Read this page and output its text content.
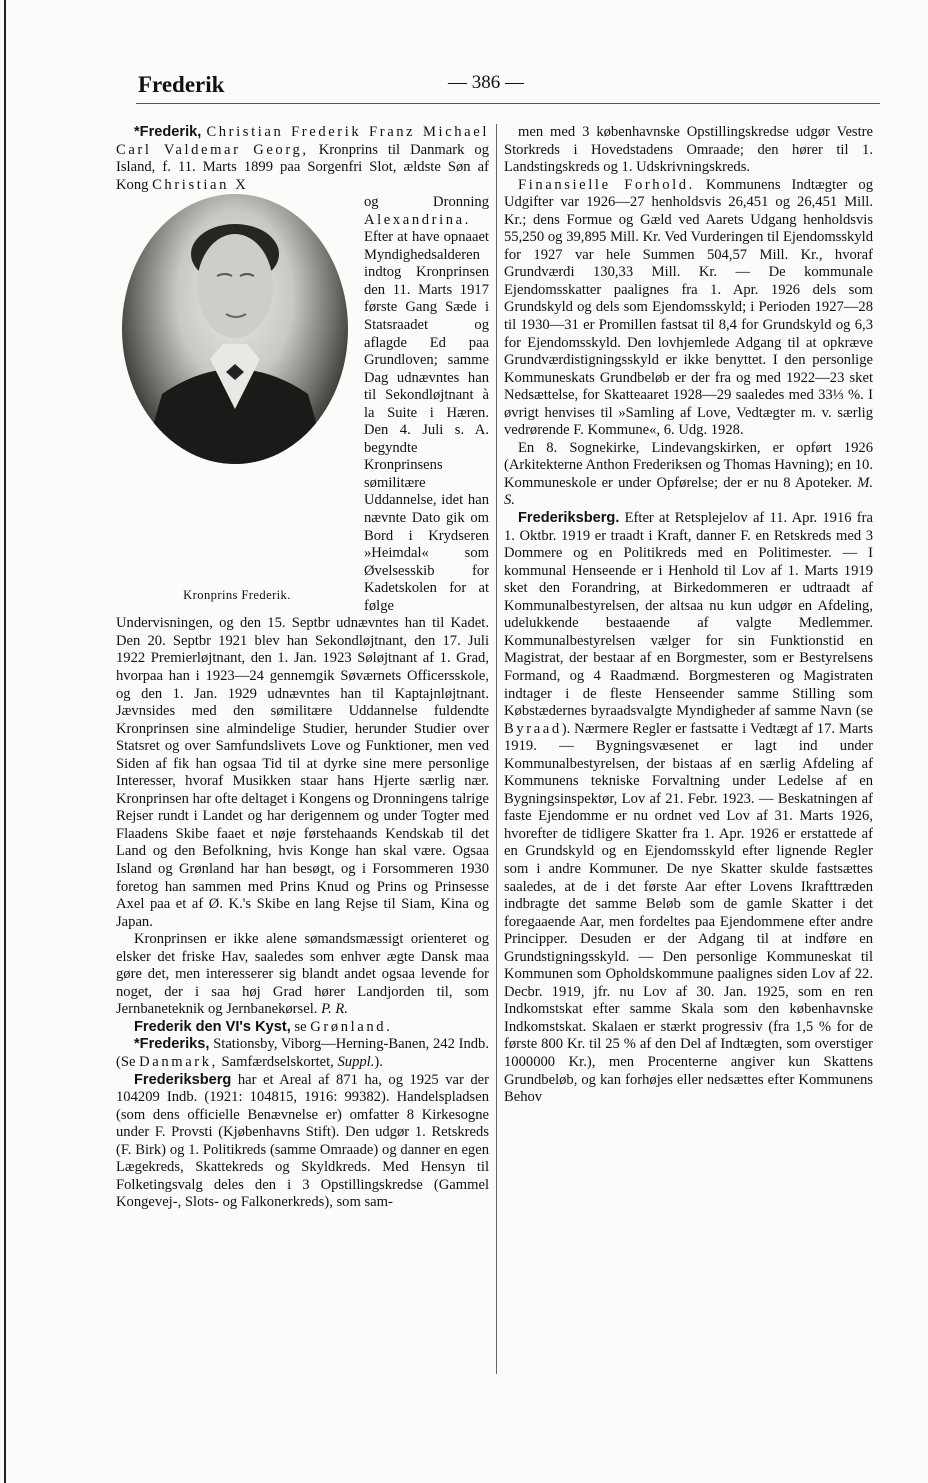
Frederik	— 386 —

*Frederik, Christian Frederik Franz Michael Carl Valdemar Georg, Kronprins til Danmark og Island, f. 11. Marts 1899 paa Sorgenfri Slot, ældste Søn af Kong Christian X

Kronprins Frederik.

og Dronning Alexandrina. Efter at have opnaaet Myndighedsalderen indtog Kronprinsen den 11. Marts 1917 første Gang Sæde i Statsraadet og aflagde Ed paa Grundloven; samme Dag udnævntes han til Sekondløjtnant à la Suite i Hæren. Den 4. Juli s. A. begyndte Kronprinsens sømilitære Uddannelse, idet han nævnte Dato gik om Bord i Krydseren »Heimdal« som Øvelsesskib for Kadetskolen for at følge Undervisningen, og den 15. Septbr udnævntes han til Kadet. Den 20. Septbr 1921 blev han Sekondløjtnant, den 17. Juli 1922 Premierløjtnant, den 1. Jan. 1923 Søløjtnant af 1. Grad, hvorpaa han i 1923—24 gennemgik Søværnets Officersskole, og den 1. Jan. 1929 udnævntes han til Kaptajnløjtnant. Jævnsides med den sømilitære Uddannelse fuldendte Kronprinsen sine almindelige Studier, herunder Studier over Statsret og over Samfundslivets Love og Funktioner, men ved Siden af fik han ogsaa Tid til at dyrke sine mere personlige Interesser, hvoraf Musikken staar hans Hjerte særlig nær. Kronprinsen har ofte deltaget i Kongens og Dronningens talrige Rejser rundt i Landet og har derigennem og under Togter med Flaadens Skibe faaet et nøje førstehaands Kendskab til det Land og den Befolkning, hvis Konge han skal være. Ogsaa Island og Grønland har han besøgt, og i Forsommeren 1930 foretog han sammen med Prins Knud og Prins og Prinsesse Axel paa et af Ø. K.'s Skibe en lang Rejse til Siam, Kina og Japan.

Kronprinsen er ikke alene sømandsmæssigt orienteret og elsker det friske Hav, saaledes som enhver ægte Dansk maa gøre det, men interesserer sig blandt andet ogsaa levende for noget, der i saa høj Grad hører Landjorden til, som Jernbaneteknik og Jernbanekørsel. P. R.

Frederik den VI's Kyst, se Grønland.

*Frederiks, Stationsby, Viborg—Herning-Banen, 242 Indb. (Se Danmark, Samfærdselskortet, Suppl.).

Frederiksberg har et Areal af 871 ha, og 1925 var der 104209 Indb. (1921: 104815, 1916: 99382). Handelspladsen (som dens officielle Benævnelse er) omfatter 8 Kirkesogne under F. Provsti (Kjøbenhavns Stift). Den udgør 1. Retskreds (F. Birk) og 1. Politikreds (samme Omraade) og danner en egen Lægekreds, Skattekreds og Skyldkreds. Med Hensyn til Folketingsvalg deles den i 3 Opstillingskredse (Gammel Kongevej-, Slots- og Falkonerkreds), som sam-

men med 3 københavnske Opstillingskredse udgør Vestre Storkreds i Hovedstadens Omraade; den hører til 1. Landstingskreds og 1. Udskrivningskreds.

Finansielle Forhold. Kommunens Indtægter og Udgifter var 1926—27 henholdsvis 26,451 og 26,451 Mill. Kr.; dens Formue og Gæld ved Aarets Udgang henholdsvis 55,250 og 39,895 Mill. Kr. Ved Vurderingen til Ejendomsskyld for 1927 var hele Summen 504,57 Mill. Kr., hvoraf Grundværdi 130,33 Mill. Kr. — De kommunale Ejendomsskatter paalignes fra 1. Apr. 1926 dels som Grundskyld og dels som Ejendomsskyld; i Perioden 1927—28 til 1930—31 er Promillen fastsat til 8,4 for Grundskyld og 6,3 for Ejendomsskyld. Den lovhjemlede Adgang til at opkræve Grundværdistigningsskyld er ikke benyttet. I den personlige Kommuneskats Grundbeløb er der fra og med 1922—23 sket Nedsættelse, for Skatteaaret 1928—29 saaledes med 33⅓ %. I øvrigt henvises til »Samling af Love, Vedtægter m. v. særlig vedrørende F. Kommune«, 6. Udg. 1928.

En 8. Sognekirke, Lindevangskirken, er opført 1926 (Arkitekterne Anthon Frederiksen og Thomas Havning); en 10. Kommuneskole er under Opførelse; der er nu 8 Apoteker. M. S.

Frederiksberg. Efter at Retsplejelov af 11. Apr. 1916 fra 1. Oktbr. 1919 er traadt i Kraft, danner F. en Retskreds med 3 Dommere og en Politikreds med en Politimester. — I kommunal Henseende er i Henhold til Lov af 1. Marts 1919 sket den Forandring, at Birkedommeren er udtraadt af Kommunalbestyrelsen, der altsaa nu kun udgør en Afdeling, udelukkende bestaaende af valgte Medlemmer. Kommunalbestyrelsen vælger for sin Funktionstid en Magistrat, der bestaar af en Borgmester, som er Bestyrelsens Formand, og 4 Raadmænd. Borgmesteren og Magistraten indtager i de fleste Henseender samme Stilling som Købstædernes byraadsvalgte Myndigheder af samme Navn (se Byraad). Nærmere Regler er fastsatte i Vedtægt af 17. Marts 1919. — Bygningsvæsenet er lagt ind under Kommunalbestyrelsen, der bistaas af en særlig Afdeling af Kommunens tekniske Forvaltning under Ledelse af en Bygningsinspektør, Lov af 21. Febr. 1923. — Beskatningen af faste Ejendomme er nu ordnet ved Lov af 31. Marts 1926, hvorefter de tidligere Skatter fra 1. Apr. 1926 er erstattede af en Grundskyld og en Ejendomsskyld efter lignende Regler som i andre Kommuner. De nye Skatter skulde fastsættes saaledes, at de i det første Aar efter Lovens Ikrafttræden indbragte det samme Beløb som de gamle Skatter i det foregaaende Aar, men fordeltes paa Ejendommene efter andre Principper. Desuden er der Adgang til at indføre en Grundstigningsskyld. — Den personlige Kommuneskat til Kommunen som Opholdskommune paalignes siden Lov af 22. Decbr. 1919, jfr. nu Lov af 30. Jan. 1925, som en ren Indkomstskat efter samme Skala som den københavnske Indkomstskat. Skalaen er stærkt progressiv (fra 1,5 % for de første 800 Kr. til 25 % af den Del af Indtægten, som overstiger 1000000 Kr.), men Procenterne angiver kun Skattens Grundbeløb, og kan forhøjes eller nedsættes efter Kommunens Behov
